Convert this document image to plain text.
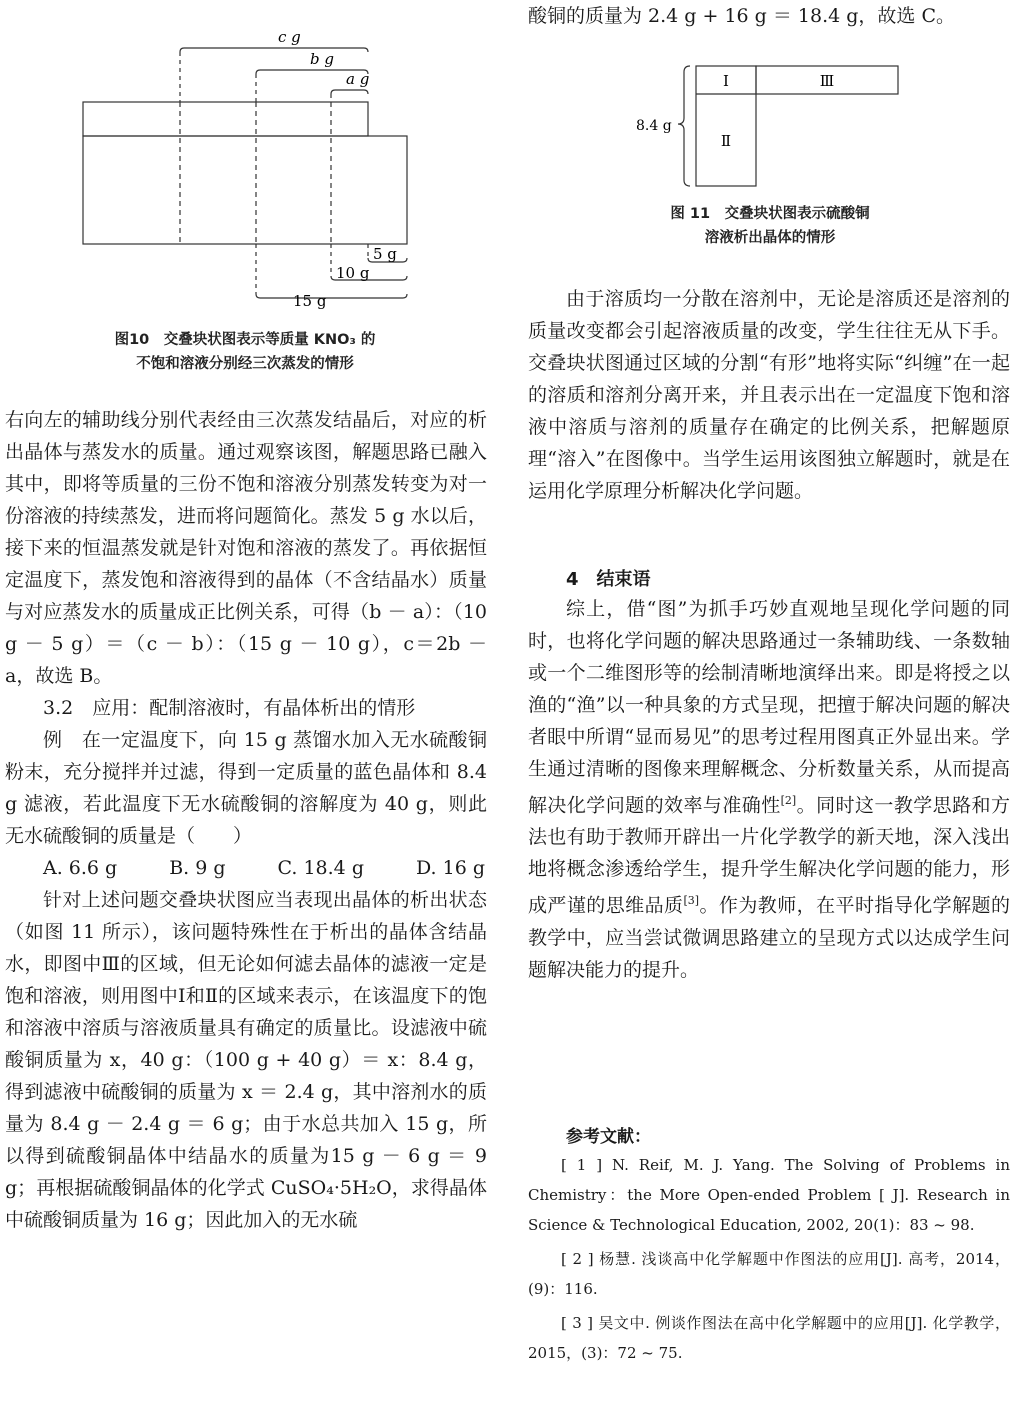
c g
b g
a g
5 g
10 g
15 g
图10　交叠块状图表示等质量 KNO₃ 的
不饱和溶液分别经三次蒸发的情形

右向左的辅助线分别代表经由三次蒸发结晶后，对应的析出晶体与蒸发水的质量。通过观察该图，解题思路已融入其中，即将等质量的三份不饱和溶液分别蒸发转变为对一份溶液的持续蒸发，进而将问题简化。蒸发 5 g 水以后，接下来的恒温蒸发就是针对饱和溶液的蒸发了。再依据恒定温度下，蒸发饱和溶液得到的晶体（不含结晶水）质量与对应蒸发水的质量成正比例关系，可得（b － a）：（10 g － 5 g）＝（c － b）：（15 g － 10 g），c＝2b － a，故选 B。

3.2　应用：配制溶液时，有晶体析出的情形

例　在一定温度下，向 15 g 蒸馏水加入无水硫酸铜粉末，充分搅拌并过滤，得到一定质量的蓝色晶体和 8.4 g 滤液，若此温度下无水硫酸铜的溶解度为 40 g，则此无水硫酸铜的质量是（　　）

A. 6.6 g	B. 9 g	C. 18.4 g	D. 16 g

针对上述问题交叠块状图应当表现出晶体的析出状态（如图 11 所示），该问题特殊性在于析出的晶体含结晶水，即图中Ⅲ的区域，但无论如何滤去晶体的滤液一定是饱和溶液，则用图中Ⅰ和Ⅱ的区域来表示，在该温度下的饱和溶液中溶质与溶液质量具有确定的质量比。设滤液中硫酸铜质量为 x，40 g：（100 g + 40 g）＝ x：8.4 g，得到滤液中硫酸铜的质量为 x ＝ 2.4 g，其中溶剂水的质量为 8.4 g － 2.4 g ＝ 6 g；由于水总共加入 15 g，所以得到硫酸铜晶体中结晶水的质量为15 g － 6 g ＝ 9 g；再根据硫酸铜晶体的化学式 CuSO₄·5H₂O，求得晶体中硫酸铜质量为 16 g；因此加入的无水硫

酸铜的质量为 2.4 g + 16 g ＝ 18.4 g，故选 C。

Ⅰ
Ⅱ
Ⅲ
8.4 g
图 11　交叠块状图表示硫酸铜
溶液析出晶体的情形

由于溶质均一分散在溶剂中，无论是溶质还是溶剂的质量改变都会引起溶液质量的改变，学生往往无从下手。交叠块状图通过区域的分割“有形”地将实际“纠缠”在一起的溶质和溶剂分离开来，并且表示出在一定温度下饱和溶液中溶质与溶剂的质量存在确定的比例关系，把解题原理“溶入”在图像中。当学生运用该图独立解题时，就是在运用化学原理分析解决化学问题。

4　结束语

综上，借“图”为抓手巧妙直观地呈现化学问题的同时，也将化学问题的解决思路通过一条辅助线、一条数轴或一个二维图形等的绘制清晰地演绎出来。即是将授之以渔的“渔”以一种具象的方式呈现，把擅于解决问题的解决者眼中所谓“显而易见”的思考过程用图真正外显出来。学生通过清晰的图像来理解概念、分析数量关系，从而提高解决化学问题的效率与准确性[2]。同时这一教学思路和方法也有助于教师开辟出一片化学教学的新天地，深入浅出地将概念渗透给学生，提升学生解决化学问题的能力，形成严谨的思维品质[3]。作为教师，在平时指导化学解题的教学中，应当尝试微调思路建立的呈现方式以达成学生问题解决能力的提升。

参考文献：

[ 1 ] N. Reif, M. J. Yang. The Solving of Problems in Chemistry：the More Open-ended Problem [ J]. Research in Science & Technological Education, 2002, 20(1)：83 ~ 98.

[ 2 ] 杨慧. 浅谈高中化学解题中作图法的应用[J]. 高考，2014，(9)：116.

[ 3 ] 吴文中. 例谈作图法在高中化学解题中的应用[J]. 化学教学，2015，(3)：72 ~ 75.
